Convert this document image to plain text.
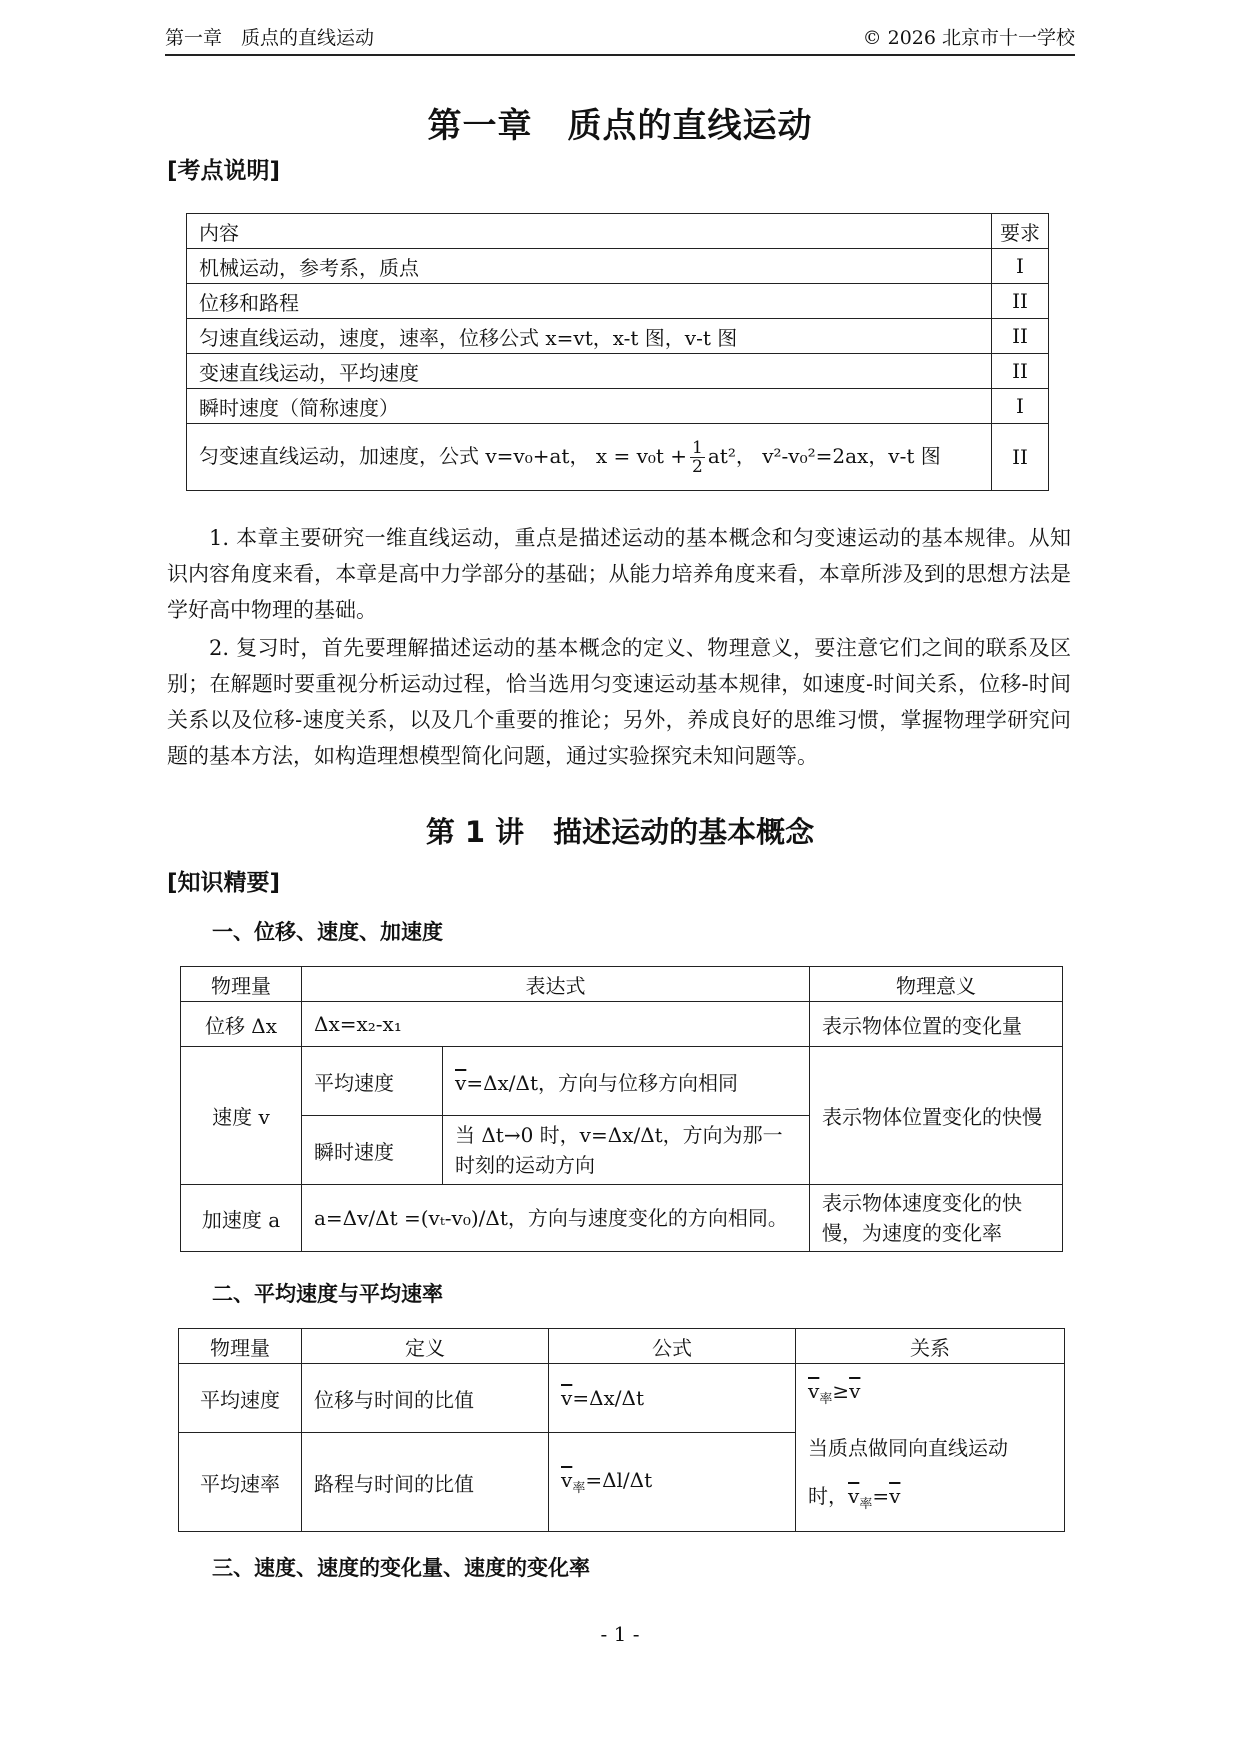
第一章　质点的直线运动	© 2026 北京市十一学校
第一章　质点的直线运动
[考点说明]
内容	要求
机械运动，参考系，质点	I
位移和路程	II
匀速直线运动，速度，速率，位移公式 x=vt，x-t 图，v-t 图	II
变速直线运动，平均速度	II
瞬时速度（简称速度）	I
匀变速直线运动，加速度，公式 v=v₀+at， $x = v_0t + \frac{1}{2} at^2$， v²-v₀²=2ax，v-t 图	II

1. 本章主要研究一维直线运动，重点是描述运动的基本概念和匀变速运动的基本规律。从知识内容角度来看，本章是高中力学部分的基础；从能力培养角度来看，本章所涉及到的思想方法是学好高中物理的基础。

2. 复习时，首先要理解描述运动的基本概念的定义、物理意义，要注意它们之间的联系及区别；在解题时要重视分析运动过程，恰当选用匀变速运动基本规律，如速度-时间关系，位移-时间关系以及位移-速度关系，以及几个重要的推论；另外，养成良好的思维习惯，掌握物理学研究问题的基本方法，如构造理想模型简化问题，通过实验探究未知问题等。

第 1 讲　描述运动的基本概念
[知识精要]
一、位移、速度、加速度
物理量	表达式		物理意义
位移 Δx	Δx=x₂-x₁		表示物体位置的变化量
速度 v	平均速度	$\overline{v}=\Delta x/\Delta t$，方向与位移方向相同	表示物体位置变化的快慢
	瞬时速度	当 Δt→0 时，v=Δx/Δt，方向为那一时刻的运动方向	
加速度 a	a=Δv/Δt =(vₜ-v₀)/Δt，方向与速度变化的方向相同。		表示物体速度变化的快慢，为速度的变化率
二、平均速度与平均速率
物理量	定义	公式	关系
平均速度	位移与时间的比值	$\overline{v}=\Delta x/\Delta t$	$\overline{v}_率\ge\overline{v}$
当质点做同向直线运动
时，$\overline{v}_率=\overline{v}$

平均速率	路程与时间的比值	$\overline{v}_率=\Delta l/\Delta t$	
三、速度、速度的变化量、速度的变化率
- 1 -
